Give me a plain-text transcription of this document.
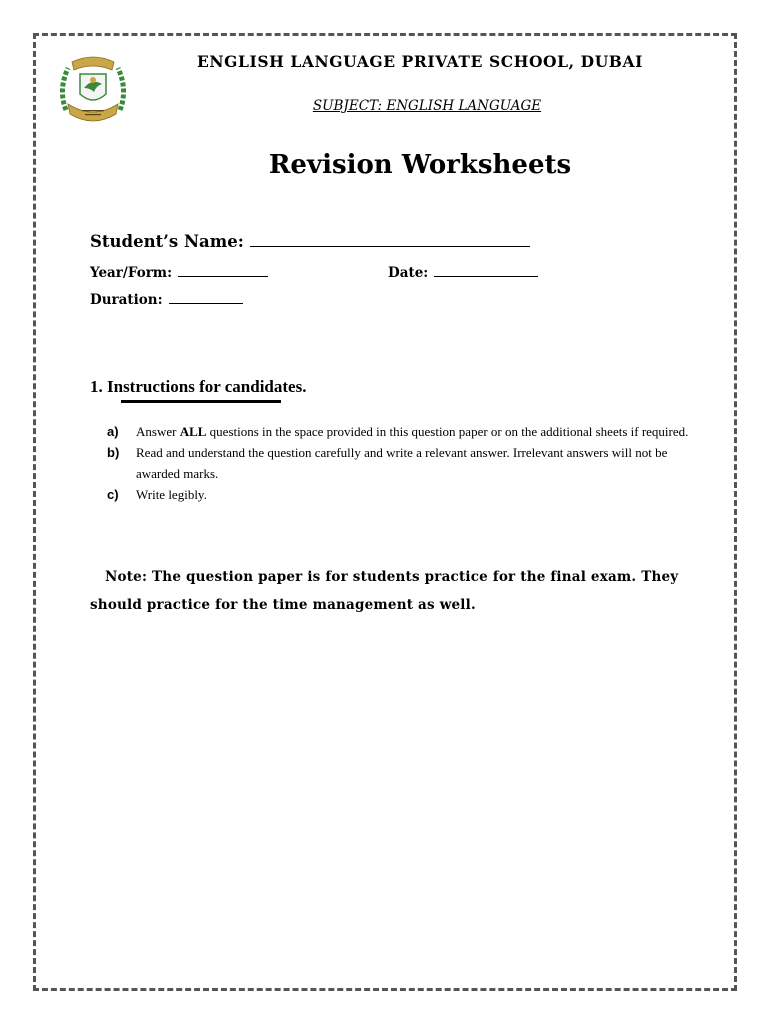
ENGLISH LANGUAGE PRIVATE SCHOOL, DUBAI
SUBJECT: ENGLISH LANGUAGE
Revision Worksheets
Student’s Name:
Year/Form:	Date:
Duration:
1. Instructions for candidates.
a) Answer ALL questions in the space provided in this question paper or on the additional sheets if required.
b) Read and understand the question carefully and write a relevant answer. Irrelevant answers will not be awarded marks.
c) Write legibly.
Note: The question paper is for students practice for the final exam. They should practice for the time management as well.
